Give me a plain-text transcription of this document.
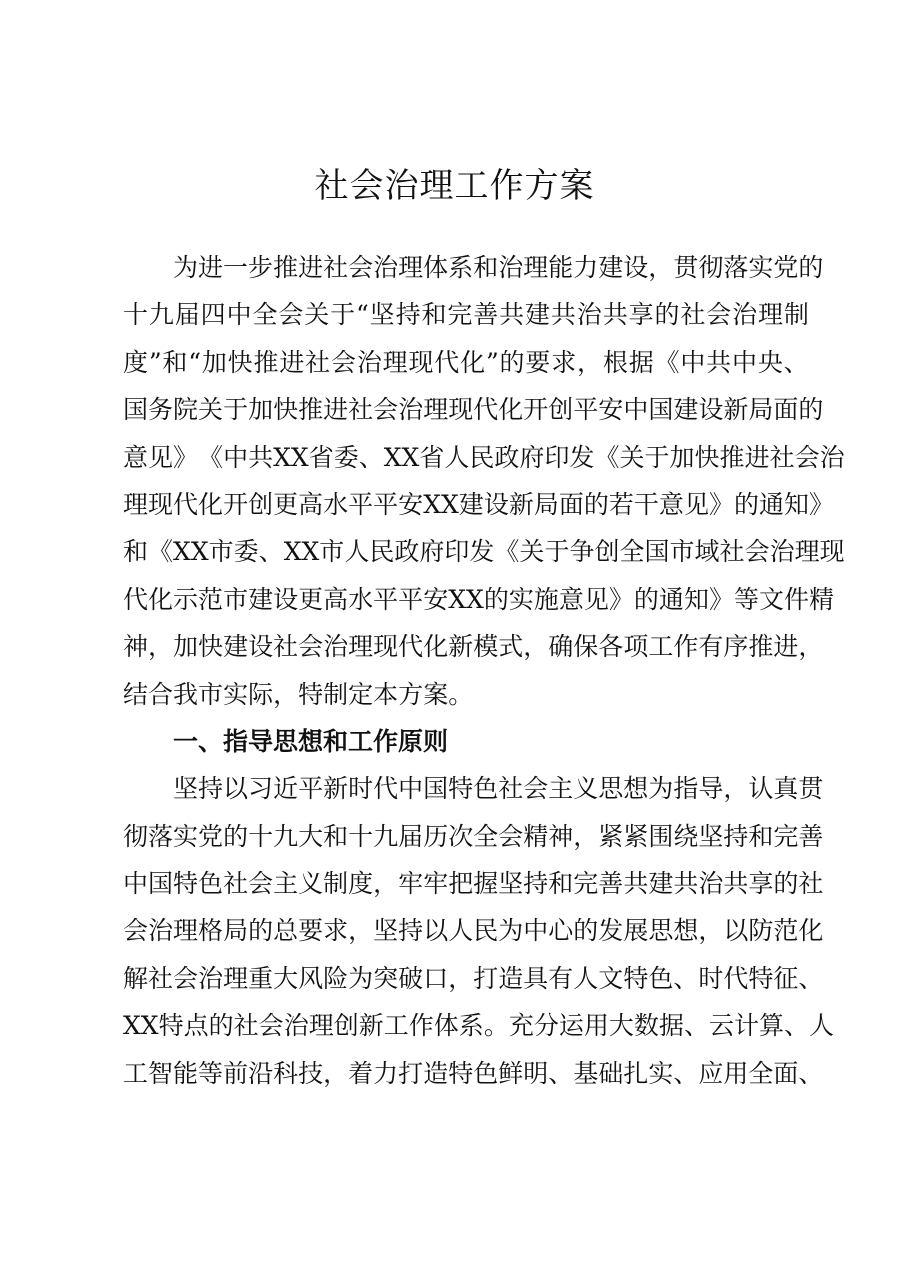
社会治理工作方案
为 进 一 步 推 进 社 会 治 理 体 系 和 治 理 能 力 建 设 ， 贯 彻 落 实 党 的
十 九 届 四 中 全 会 关 于 “ 坚 持 和 完 善 共 建 共 治 共 享 的 社 会 治 理 制
度 ” 和 “ 加 快 推 进 社 会 治 理 现 代 化 ” 的 要 求 ， 根 据 《 中 共 中 央 、
国 务 院 关 于 加 快 推 进 社 会 治 理 现 代 化 开 创 平 安 中 国 建 设 新 局 面 的
意 见 》 《 中 共 XX 省 委 、 XX 省 人 民 政 府 印 发 《 关 于 加 快 推 进 社 会 治
理 现 代 化 开 创 更 高 水 平 平 安 XX 建 设 新 局 面 的 若 干 意 见 》 的 通 知 》
和 《 XX 市 委 、 XX 市 人 民 政 府 印 发 《 关 于 争 创 全 国 市 域 社 会 治 理 现
代 化 示 范 市 建 设 更 高 水 平 平 安 XX 的 实 施 意 见 》 的 通 知 》 等 文 件 精
神 ， 加 快 建 设 社 会 治 理 现 代 化 新 模 式 ， 确 保 各 项 工 作 有 序 推 进 ，
结 合 我 市 实 际 ， 特 制 定 本 方 案 。
一、指导思想和工作原则
坚 持 以 习 近 平 新 时 代 中 国 特 色 社 会 主 义 思 想 为 指 导 ， 认 真 贯
彻 落 实 党 的 十 九 大 和 十 九 届 历 次 全 会 精 神 ， 紧 紧 围 绕 坚 持 和 完 善
中 国 特 色 社 会 主 义 制 度 ， 牢 牢 把 握 坚 持 和 完 善 共 建 共 治 共 享 的 社
会 治 理 格 局 的 总 要 求 ， 坚 持 以 人 民 为 中 心 的 发 展 思 想 ， 以 防 范 化
解 社 会 治 理 重 大 风 险 为 突 破 口 ， 打 造 具 有 人 文 特 色 、 时 代 特 征 、
XX 特 点 的 社 会 治 理 创 新 工 作 体 系 。 充 分 运 用 大 数 据 、 云 计 算 、 人
工 智 能 等 前 沿 科 技 ， 着 力 打 造 特 色 鲜 明 、 基 础 扎 实 、 应 用 全 面 、
